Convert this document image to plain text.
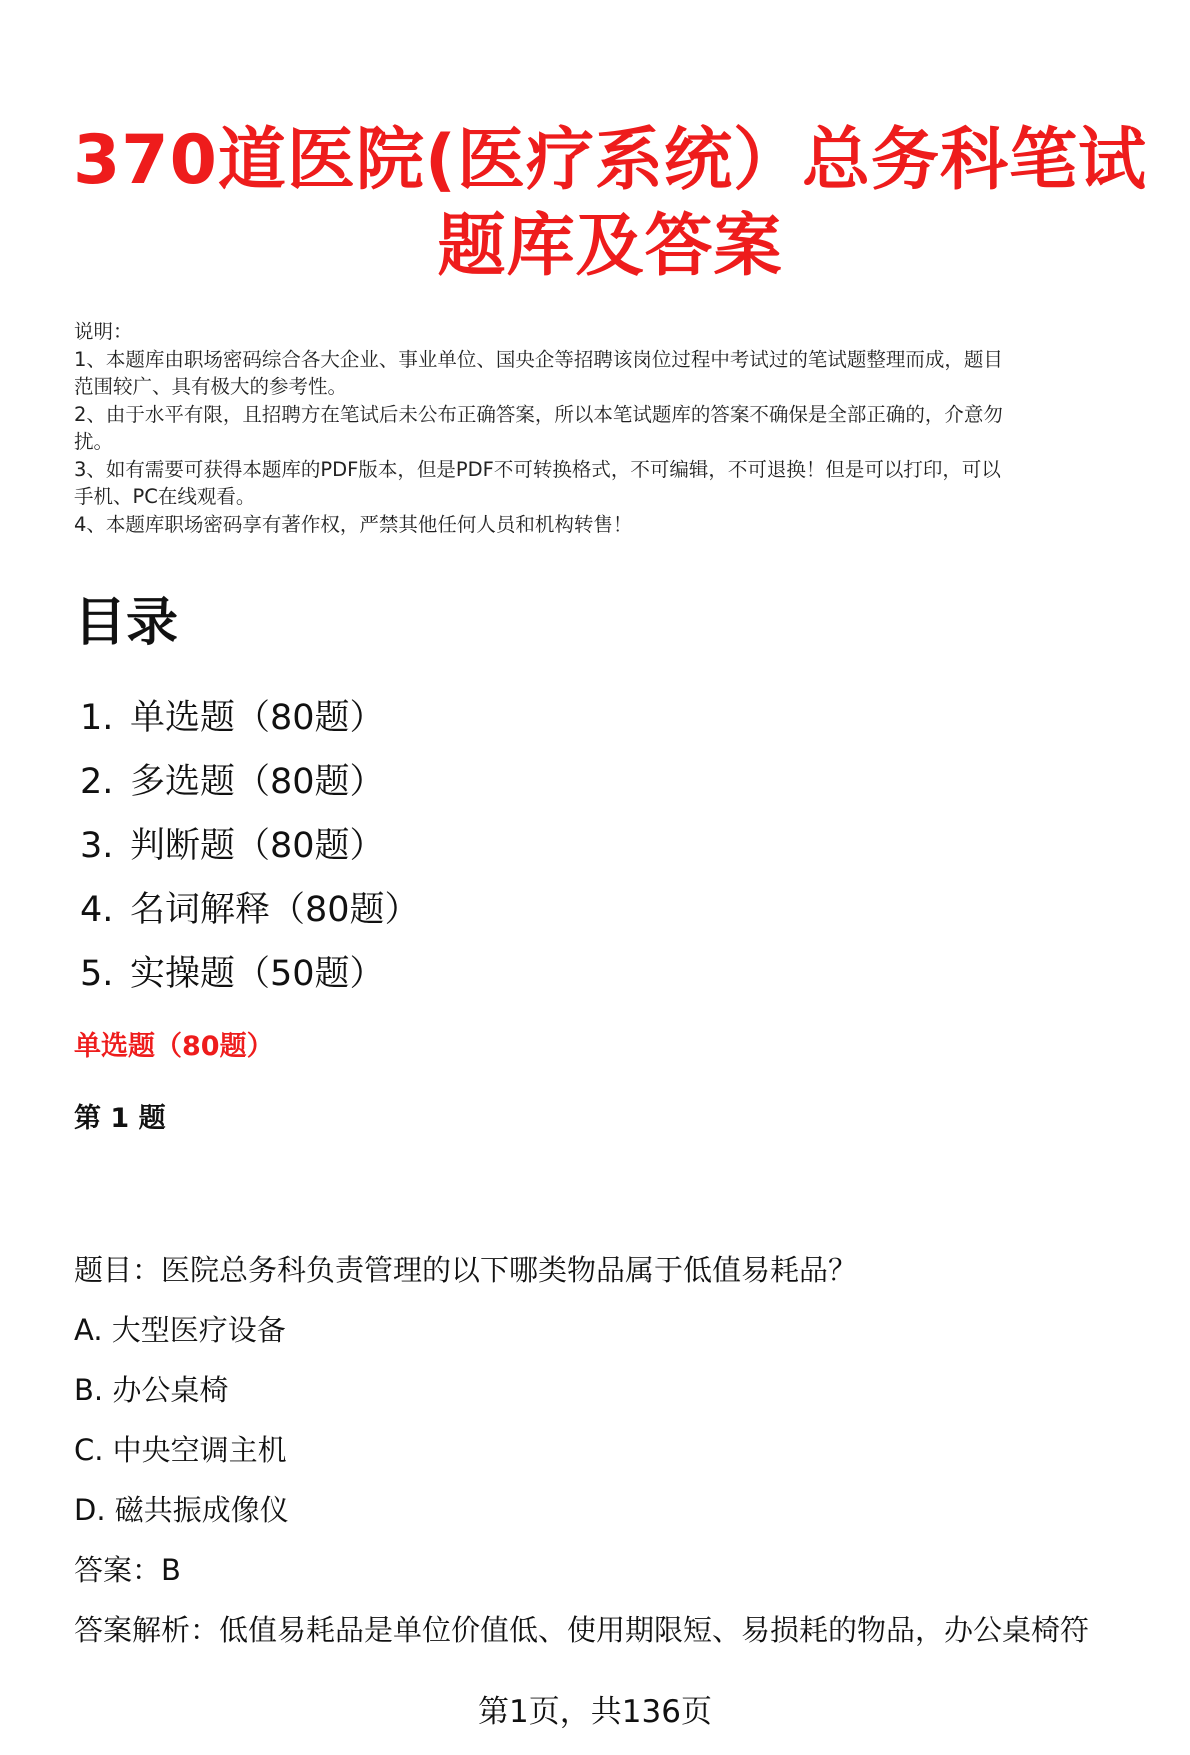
370道医院(医疗系统）总务科笔试
题库及答案
说明：
1、本题库由职场密码综合各大企业、事业单位、国央企等招聘该岗位过程中考试过的笔试题整理而成，题目
范围较广、具有极大的参考性。
2、由于水平有限，且招聘方在笔试后未公布正确答案，所以本笔试题库的答案不确保是全部正确的，介意勿
扰。
3、如有需要可获得本题库的PDF版本，但是PDF不可转换格式，不可编辑，不可退换！但是可以打印，可以
手机、PC在线观看。
4、本题库职场密码享有著作权，严禁其他任何人员和机构转售！
目录
1. 单选题（80题）
2. 多选题（80题）
3. 判断题（80题）
4. 名词解释（80题）
5. 实操题（50题）
单选题（80题）
第 1 题
题目：医院总务科负责管理的以下哪类物品属于低值易耗品？
A. 大型医疗设备
B. 办公桌椅
C. 中央空调主机
D. 磁共振成像仪
答案：B
答案解析：低值易耗品是单位价值低、使用期限短、易损耗的物品，办公桌椅符
第1页，共136页
